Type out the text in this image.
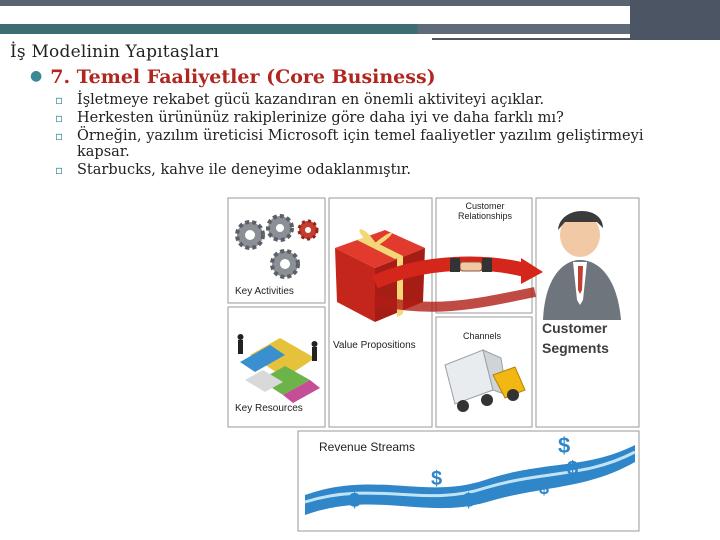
İş Modelinin Yapıtaşları
● 7. Temel Faaliyetler (Core Business)
▫ İşletmeye rekabet gücü kazandıran en önemli aktiviteyi açıklar.
▫ Herkesten ürününüz rakiplerinize göre daha iyi ve daha farklı mı?
▫ Örneğin, yazılım üreticisi Microsoft için temel faaliyetler yazılım geliştirmeyi kapsar.
▫ Starbucks, kahve ile deneyime odaklanmıştır.
Key Activities
Key Resources
Value Propositions
Customer
Relationships
Channels	Customer
Segments
Revenue Streams	$
$
$	$
$	$
